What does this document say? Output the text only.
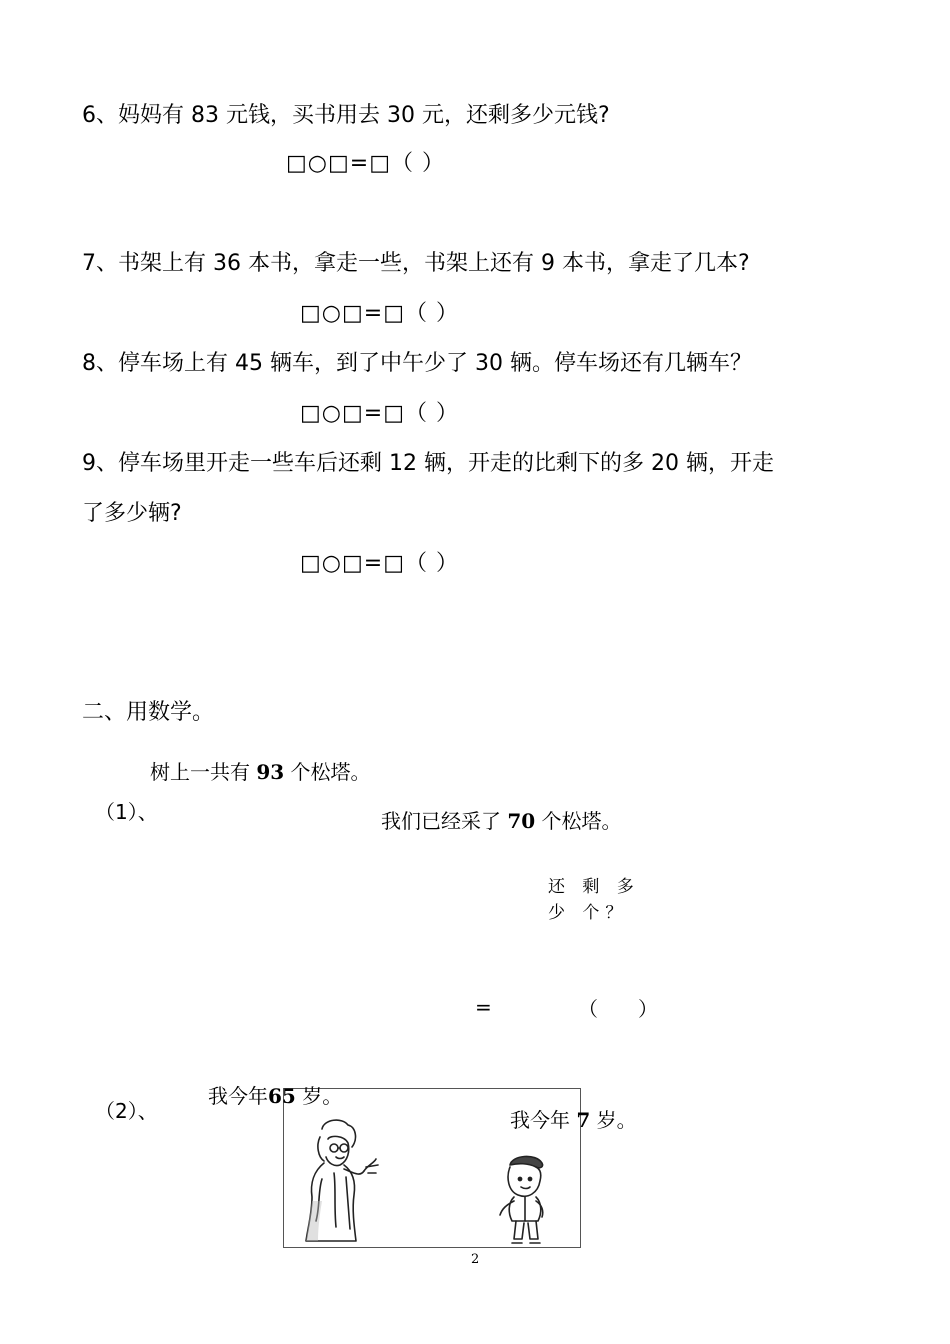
6、妈妈有 83 元钱，买书用去 30 元，还剩多少元钱?
□○□=□（ ）
7、书架上有 36 本书，拿走一些，书架上还有 9 本书，拿走了几本?
□○□=□（ ）
8、停车场上有 45 辆车，到了中午少了 30 辆。停车场还有几辆车？
□○□=□（ ）
9、停车场里开走一些车后还剩 12 辆，开走的比剩下的多 20 辆，开走
了多少辆?
□○□=□（ ）
二、用数学。
树上一共有 93 个松塔。
（1）、	我们已经采了 70 个松塔。
还 剩 多 少 个？
=	（　　）
（2）、
我今年65 岁。
我今年 7 岁。
2
